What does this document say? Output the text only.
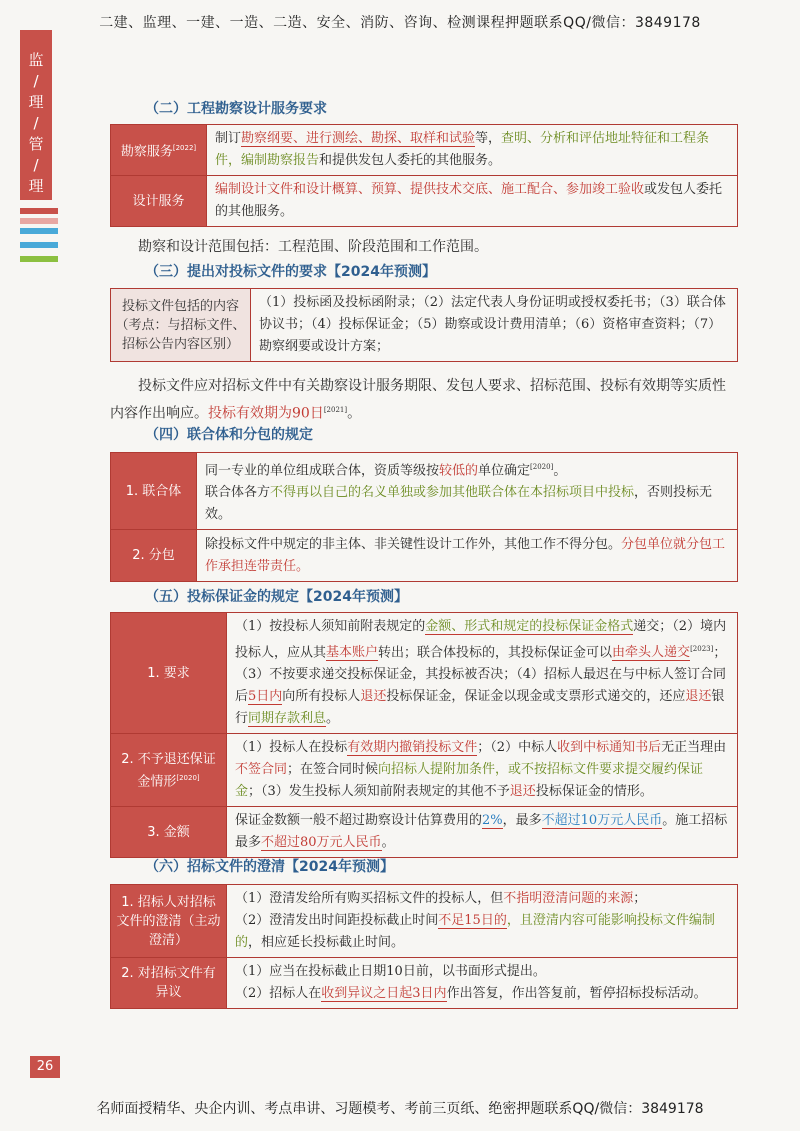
二建、监理、一建、一造、二造、安全、消防、咨询、检测课程押题联系QQ/微信：3849178
监
/
理
/
管
/
理
（二）工程勘察设计服务要求
勘察服务[2022]	制订勘察纲要、进行测绘、勘探、取样和试验等，查明、分析和评估地址特征和工程条件，编制勘察报告和提供发包人委托的其他服务。
设计服务	编制设计文件和设计概算、预算、提供技术交底、施工配合、参加竣工验收或发包人委托的其他服务。
勘察和设计范围包括：工程范围、阶段范围和工作范围。
（三）提出对投标文件的要求【2024年预测】
投标文件包括的内容（考点：与招标文件、招标公告内容区别）	（1）投标函及投标函附录；（2）法定代表人身份证明或授权委托书；（3）联合体协议书；（4）投标保证金；（5）勘察或设计费用清单；（6）资格审查资料；（7）勘察纲要或设计方案；
投标文件应对招标文件中有关勘察设计服务期限、发包人要求、招标范围、投标有效期等实质性内容作出响应。投标有效期为90日[2021]。
（四）联合体和分包的规定
1. 联合体	同一专业的单位组成联合体，资质等级按较低的单位确定[2020]。
联合体各方不得再以自己的名义单独或参加其他联合体在本招标项目中投标，否则投标无效。
2. 分包	除投标文件中规定的非主体、非关键性设计工作外，其他工作不得分包。分包单位就分包工作承担连带责任。
（五）投标保证金的规定【2024年预测】
1. 要求	（1）按投标人须知前附表规定的金额、形式和规定的投标保证金格式递交；（2）境内投标人，应从其基本账户转出；联合体投标的，其投标保证金可以由牵头人递交[2023]；（3）不按要求递交投标保证金，其投标被否决；（4）招标人最迟在与中标人签订合同后5日内向所有投标人退还投标保证金，保证金以现金或支票形式递交的，还应退还银行同期存款利息。
2. 不予退还保证金情形[2020]	（1）投标人在投标有效期内撤销投标文件；（2）中标人收到中标通知书后无正当理由不签合同；在签合同时候向招标人提附加条件，或不按招标文件要求提交履约保证金；（3）发生投标人须知前附表规定的其他不予退还投标保证金的情形。
3. 金额	保证金数额一般不超过勘察设计估算费用的2%，最多不超过10万元人民币。施工招标最多不超过80万元人民币。
（六）招标文件的澄清【2024年预测】
1. 招标人对招标文件的澄清（主动澄清）	（1）澄清发给所有购买招标文件的投标人，但不指明澄清问题的来源；
（2）澄清发出时间距投标截止时间不足15日的，且澄清内容可能影响投标文件编制的，相应延长投标截止时间。
2. 对招标文件有异议	（1）应当在投标截止日期10日前，以书面形式提出。
（2）招标人在收到异议之日起3日内作出答复，作出答复前，暂停招标投标活动。
26
名师面授精华、央企内训、考点串讲、习题模考、考前三页纸、绝密押题联系QQ/微信：3849178
